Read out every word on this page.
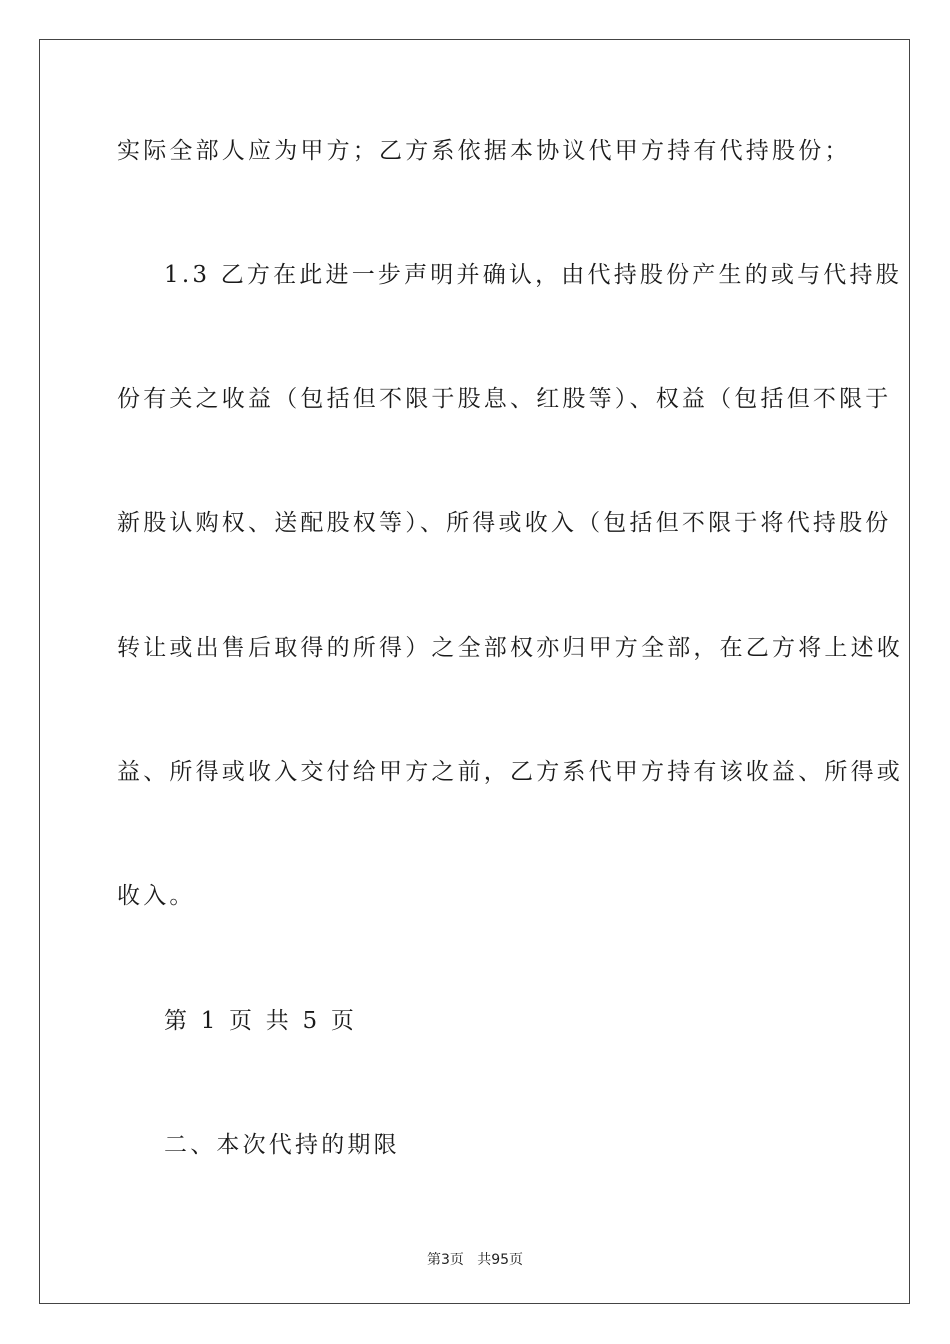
实际全部人应为甲方；乙方系依据本协议代甲方持有代持股份；
1.3 乙方在此进一步声明并确认，由代持股份产生的或与代持股
份有关之收益（包括但不限于股息、红股等）、权益（包括但不限于
新股认购权、送配股权等）、所得或收入（包括但不限于将代持股份
转让或出售后取得的所得）之全部权亦归甲方全部，在乙方将上述收
益、所得或收入交付给甲方之前，乙方系代甲方持有该收益、所得或
收入。
第 1 页 共 5 页
二、本次代持的期限
第3页   共95页
